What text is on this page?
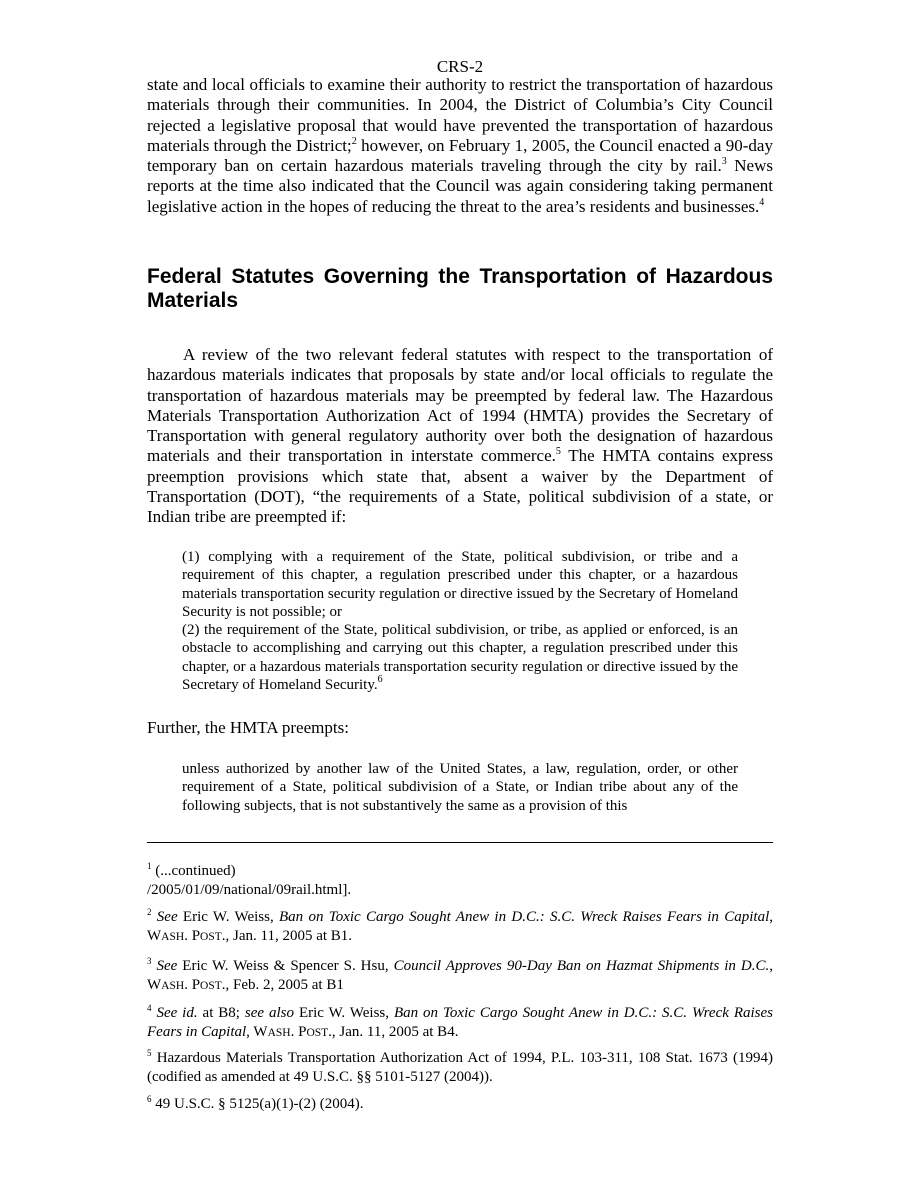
CRS-2

state and local officials to examine their authority to restrict the transportation of hazardous materials through their communities. In 2004, the District of Columbia’s City Council rejected a legislative proposal that would have prevented the transportation of hazardous materials through the District;$^2$ however, on February 1, 2005, the Council enacted a 90-day temporary ban on certain hazardous materials traveling through the city by rail.$^3$ News reports at the time also indicated that the Council was again considering taking permanent legislative action in the hopes of reducing the threat to the area’s residents and businesses.$^4$

Federal Statutes Governing the Transportation of Hazardous Materials

A review of the two relevant federal statutes with respect to the transportation of hazardous materials indicates that proposals by state and/or local officials to regulate the transportation of hazardous materials may be preempted by federal law. The Hazardous Materials Transportation Authorization Act of 1994 (HMTA) provides the Secretary of Transportation with general regulatory authority over both the designation of hazardous materials and their transportation in interstate commerce.$^5$ The HMTA contains express preemption provisions which state that, absent a waiver by the Department of Transportation (DOT), “the requirements of a State, political subdivision of a state, or Indian tribe are preempted if:

(1) complying with a requirement of the State, political subdivision, or tribe and a requirement of this chapter, a regulation prescribed under this chapter, or a hazardous materials transportation security regulation or directive issued by the Secretary of Homeland Security is not possible; or
(2) the requirement of the State, political subdivision, or tribe, as applied or enforced, is an obstacle to accomplishing and carrying out this chapter, a regulation prescribed under this chapter, or a hazardous materials transportation security regulation or directive issued by the Secretary of Homeland Security.$^6$

Further, the HMTA preempts:

unless authorized by another law of the United States, a law, regulation, order, or other requirement of a State, political subdivision of a State, or Indian tribe about any of the following subjects, that is not substantively the same as a provision of this
$^1$ (...continued)
/2005/01/09/national/09rail.html].
$^2$ See Eric W. Weiss, Ban on Toxic Cargo Sought Anew in D.C.: S.C. Wreck Raises Fears in Capital, WASH. POST., Jan. 11, 2005 at B1.
$^3$ See Eric W. Weiss & Spencer S. Hsu, Council Approves 90-Day Ban on Hazmat Shipments in D.C., WASH. POST., Feb. 2, 2005 at B1
$^4$ See id. at B8; see also Eric W. Weiss, Ban on Toxic Cargo Sought Anew in D.C.: S.C. Wreck Raises Fears in Capital, WASH. POST., Jan. 11, 2005 at B4.
$^5$ Hazardous Materials Transportation Authorization Act of 1994, P.L. 103-311, 108 Stat. 1673 (1994) (codified as amended at 49 U.S.C. §§ 5101-5127 (2004)).
$^6$ 49 U.S.C. § 5125(a)(1)-(2) (2004).
